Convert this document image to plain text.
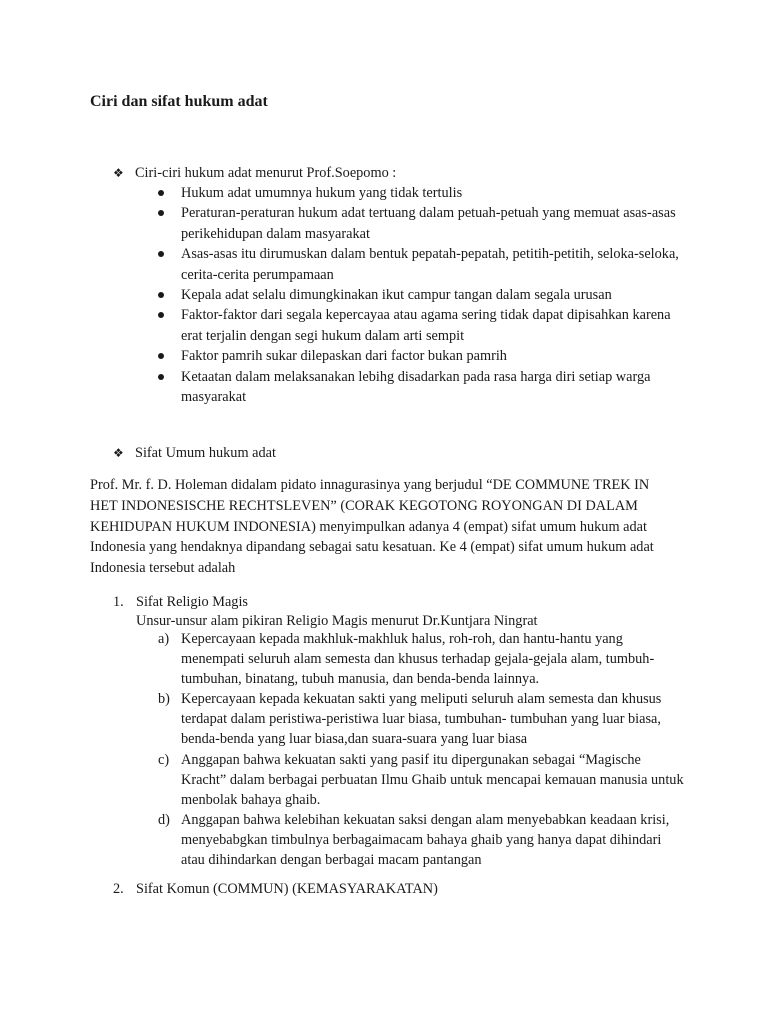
Ciri dan sifat hukum adat
❖ Ciri-ciri hukum adat menurut Prof.Soepomo :
Hukum adat umumnya hukum yang tidak tertulis
Peraturan-peraturan hukum adat tertuang dalam petuah-petuah yang memuat asas-asas perikehidupan dalam masyarakat
Asas-asas itu dirumuskan dalam bentuk pepatah-pepatah, petitih-petitih, seloka-seloka, cerita-cerita perumpamaan
Kepala adat selalu dimungkinakan ikut campur tangan dalam segala urusan
Faktor-faktor dari segala kepercayaa atau agama sering tidak dapat dipisahkan karena erat terjalin dengan segi hukum dalam arti sempit
Faktor pamrih sukar dilepaskan dari factor bukan pamrih
Ketaatan dalam melaksanakan lebihg disadarkan pada rasa harga diri setiap warga masyarakat
❖ Sifat Umum hukum adat

Prof. Mr. f. D. Holeman didalam pidato innagurasinya yang berjudul “DE COMMUNE TREK IN HET INDONESISCHE RECHTSLEVEN” (CORAK KEGOTONG ROYONGAN DI DALAM KEHIDUPAN HUKUM INDONESIA) menyimpulkan adanya 4 (empat) sifat umum hukum adat Indonesia yang hendaknya dipandang sebagai satu kesatuan. Ke 4 (empat) sifat umum hukum adat Indonesia tersebut adalah

1. Sifat Religio Magis
Unsur-unsur alam pikiran Religio Magis menurut Dr.Kuntjara Ningrat
a) Kepercayaan kepada makhluk-makhluk halus, roh-roh, dan hantu-hantu yang menempati seluruh alam semesta dan khusus terhadap gejala-gejala alam, tumbuh-tumbuhan, binatang, tubuh manusia, dan benda-benda lainnya.
b) Kepercayaan kepada kekuatan sakti yang meliputi seluruh alam semesta dan khusus terdapat dalam peristiwa-peristiwa luar biasa, tumbuhan- tumbuhan yang luar biasa, benda-benda yang luar biasa,dan suara-suara yang luar biasa
c) Anggapan bahwa kekuatan sakti yang pasif itu dipergunakan sebagai “Magische Kracht” dalam berbagai perbuatan Ilmu Ghaib untuk mencapai kemauan manusia untuk menbolak bahaya ghaib.
d) Anggapan bahwa kelebihan kekuatan saksi dengan alam menyebabkan keadaan krisi, menyebabgkan timbulnya berbagaimacam bahaya ghaib yang hanya dapat dihindari atau dihindarkan dengan berbagai macam pantangan
2. Sifat Komun (COMMUN) (KEMASYARAKATAN)
